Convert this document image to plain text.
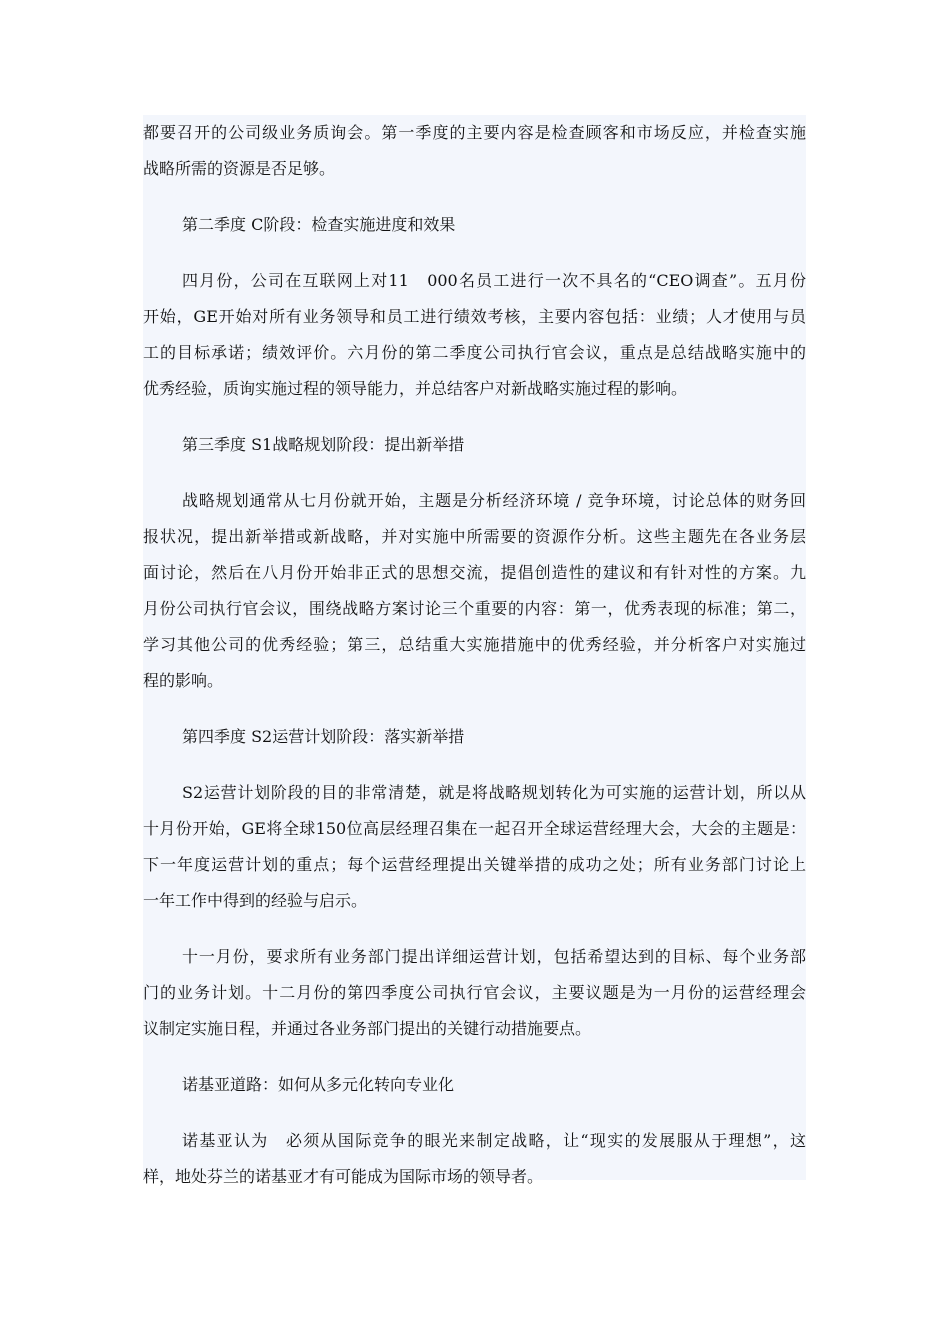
都要召开的公司级业务质询会。第一季度的主要内容是检查顾客和市场反应，并检查实施
战略所需的资源是否足够。
第二季度 C阶段：检查实施进度和效果
四月份，公司在互联网上对11　000名员工进行一次不具名的“CEO调查”。五月份
开始，GE开始对所有业务领导和员工进行绩效考核，主要内容包括：业绩；人才使用与员
工的目标承诺；绩效评价。六月份的第二季度公司执行官会议，重点是总结战略实施中的
优秀经验，质询实施过程的领导能力，并总结客户对新战略实施过程的影响。
第三季度 S1战略规划阶段：提出新举措
战略规划通常从七月份就开始，主题是分析经济环境 / 竞争环境，讨论总体的财务回
报状况，提出新举措或新战略，并对实施中所需要的资源作分析。这些主题先在各业务层
面讨论，然后在八月份开始非正式的思想交流，提倡创造性的建议和有针对性的方案。九
月份公司执行官会议，围绕战略方案讨论三个重要的内容：第一，优秀表现的标准；第二，
学习其他公司的优秀经验；第三，总结重大实施措施中的优秀经验，并分析客户对实施过
程的影响。
第四季度 S2运营计划阶段：落实新举措
S2运营计划阶段的目的非常清楚，就是将战略规划转化为可实施的运营计划，所以从
十月份开始，GE将全球150位高层经理召集在一起召开全球运营经理大会，大会的主题是：
下一年度运营计划的重点；每个运营经理提出关键举措的成功之处；所有业务部门讨论上
一年工作中得到的经验与启示。
十一月份，要求所有业务部门提出详细运营计划，包括希望达到的目标、每个业务部
门的业务计划。十二月份的第四季度公司执行官会议，主要议题是为一月份的运营经理会
议制定实施日程，并通过各业务部门提出的关键行动措施要点。
诺基亚道路：如何从多元化转向专业化
诺基亚认为　必须从国际竞争的眼光来制定战略，让“现实的发展服从于理想”，这
样，地处芬兰的诺基亚才有可能成为国际市场的领导者。
